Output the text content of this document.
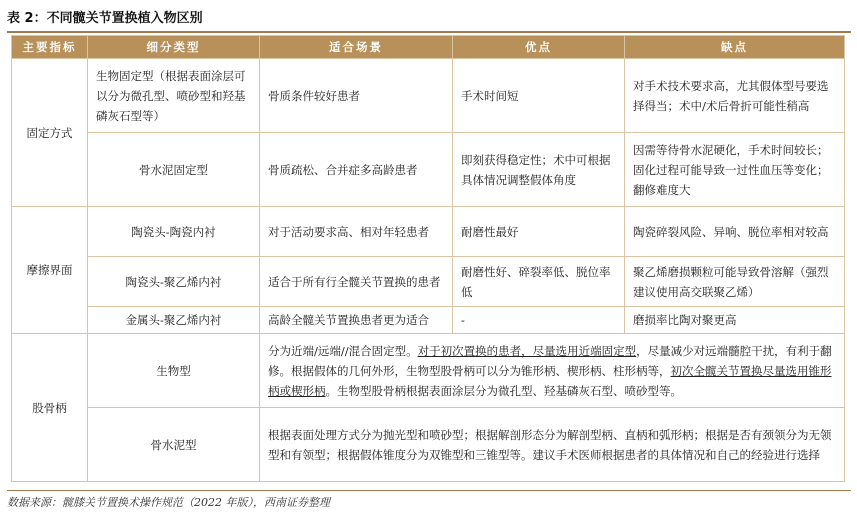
表 2：不同髋关节置换植入物区别
主要指标	细分类型	适合场景	优点	缺点
固定方式	生物固定型（根据表面涂层可以分为微孔型、喷砂型和羟基磷灰石型等）	骨质条件较好患者	手术时间短	对手术技术要求高，尤其假体型号要选择得当；术中/术后骨折可能性稍高
	骨水泥固定型	骨质疏松、合并症多高龄患者	即刻获得稳定性；术中可根据具体情况调整假体角度	因需等待骨水泥硬化，手术时间较长；固化过程可能导致一过性血压等变化；翻修难度大
摩擦界面	陶瓷头-陶瓷内衬	对于活动要求高、相对年轻患者	耐磨性最好	陶瓷碎裂风险、异响、脱位率相对较高
	陶瓷头-聚乙烯内衬	适合于所有行全髋关节置换的患者	耐磨性好、碎裂率低、脱位率低	聚乙烯磨损颗粒可能导致骨溶解（强烈建议使用高交联聚乙烯）
	金属头-聚乙烯内衬	高龄全髋关节置换患者更为适合	-	磨损率比陶对聚更高
股骨柄	生物型	分为近端/远端//混合固定型。对于初次置换的患者，尽量选用近端固定型，尽量减少对远端髓腔干扰，有利于翻修。根据假体的几何外形，生物型股骨柄可以分为锥形柄、楔形柄、柱形柄等，初次全髋关节置换尽量选用锥形柄或楔形柄。生物型股骨柄根据表面涂层分为微孔型、羟基磷灰石型、喷砂型等。		
	骨水泥型	根据表面处理方式分为抛光型和喷砂型；根据解剖形态分为解剖型柄、直柄和弧形柄；根据是否有颈领分为无领型和有领型；根据假体锥度分为双锥型和三锥型等。建议手术医师根据患者的具体情况和自己的经验进行选择		
数据来源：髋膝关节置换术操作规范（2022 年版），西南证券整理
